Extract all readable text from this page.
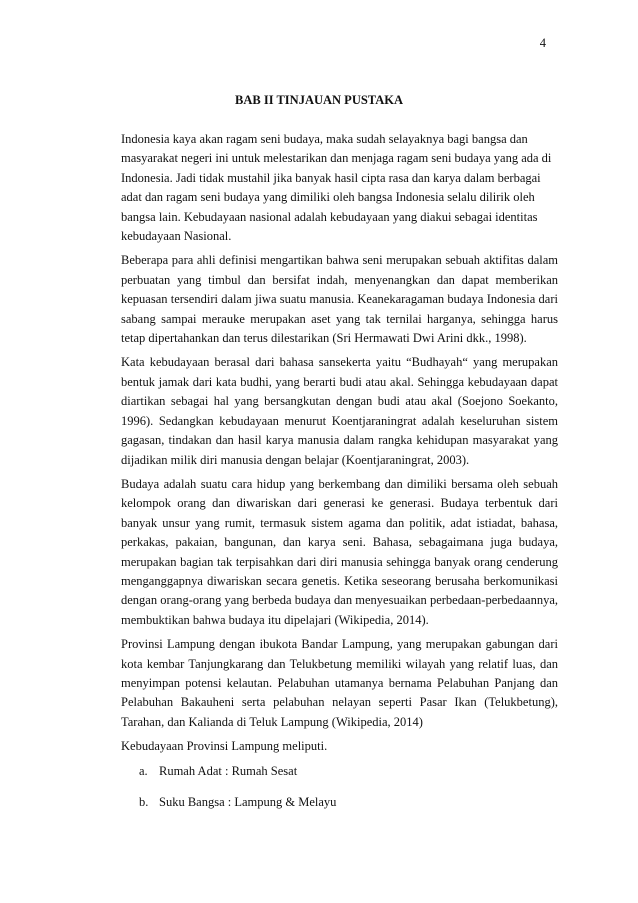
4
BAB II TINJAUAN PUSTAKA

Indonesia kaya akan ragam seni budaya, maka sudah selayaknya bagi bangsa dan masyarakat negeri ini untuk melestarikan dan menjaga ragam seni budaya yang ada di Indonesia. Jadi tidak mustahil jika banyak hasil cipta rasa dan karya dalam berbagai adat dan ragam seni budaya yang dimiliki oleh bangsa Indonesia selalu dilirik oleh bangsa lain. Kebudayaan nasional adalah kebudayaan yang diakui sebagai identitas kebudayaan Nasional.

Beberapa para ahli definisi mengartikan bahwa seni merupakan sebuah aktifitas dalam perbuatan yang timbul dan bersifat indah, menyenangkan dan dapat memberikan kepuasan tersendiri dalam jiwa suatu manusia. Keanekaragaman budaya Indonesia dari sabang sampai merauke merupakan aset yang tak ternilai harganya, sehingga harus tetap dipertahankan dan terus dilestarikan (Sri Hermawati Dwi Arini dkk., 1998).

Kata kebudayaan berasal dari bahasa sansekerta yaitu “Budhayah“ yang merupakan bentuk jamak dari kata budhi, yang berarti budi atau akal. Sehingga kebudayaan dapat diartikan sebagai hal yang bersangkutan dengan budi atau akal (Soejono Soekanto, 1996). Sedangkan kebudayaan menurut Koentjaraningrat adalah keseluruhan sistem gagasan, tindakan dan hasil karya manusia dalam rangka kehidupan masyarakat yang dijadikan milik diri manusia dengan belajar (Koentjaraningrat, 2003).

Budaya adalah suatu cara hidup yang berkembang dan dimiliki bersama oleh sebuah kelompok orang dan diwariskan dari generasi ke generasi. Budaya terbentuk dari banyak unsur yang rumit, termasuk sistem agama dan politik, adat istiadat, bahasa, perkakas, pakaian, bangunan, dan karya seni. Bahasa, sebagaimana juga budaya, merupakan bagian tak terpisahkan dari diri manusia sehingga banyak orang cenderung menganggapnya diwariskan secara genetis. Ketika seseorang berusaha berkomunikasi dengan orang-orang yang berbeda budaya dan menyesuaikan perbedaan-perbedaannya, membuktikan bahwa budaya itu dipelajari (Wikipedia, 2014).

Provinsi Lampung dengan ibukota Bandar Lampung, yang merupakan gabungan dari kota kembar Tanjungkarang dan Telukbetung memiliki wilayah yang relatif luas, dan menyimpan potensi kelautan. Pelabuhan utamanya bernama Pelabuhan Panjang dan Pelabuhan Bakauheni serta pelabuhan nelayan seperti Pasar Ikan (Telukbetung), Tarahan, dan Kalianda di Teluk Lampung (Wikipedia, 2014)

Kebudayaan Provinsi Lampung meliputi.

a. Rumah Adat : Rumah Sesat
b. Suku Bangsa : Lampung & Melayu
